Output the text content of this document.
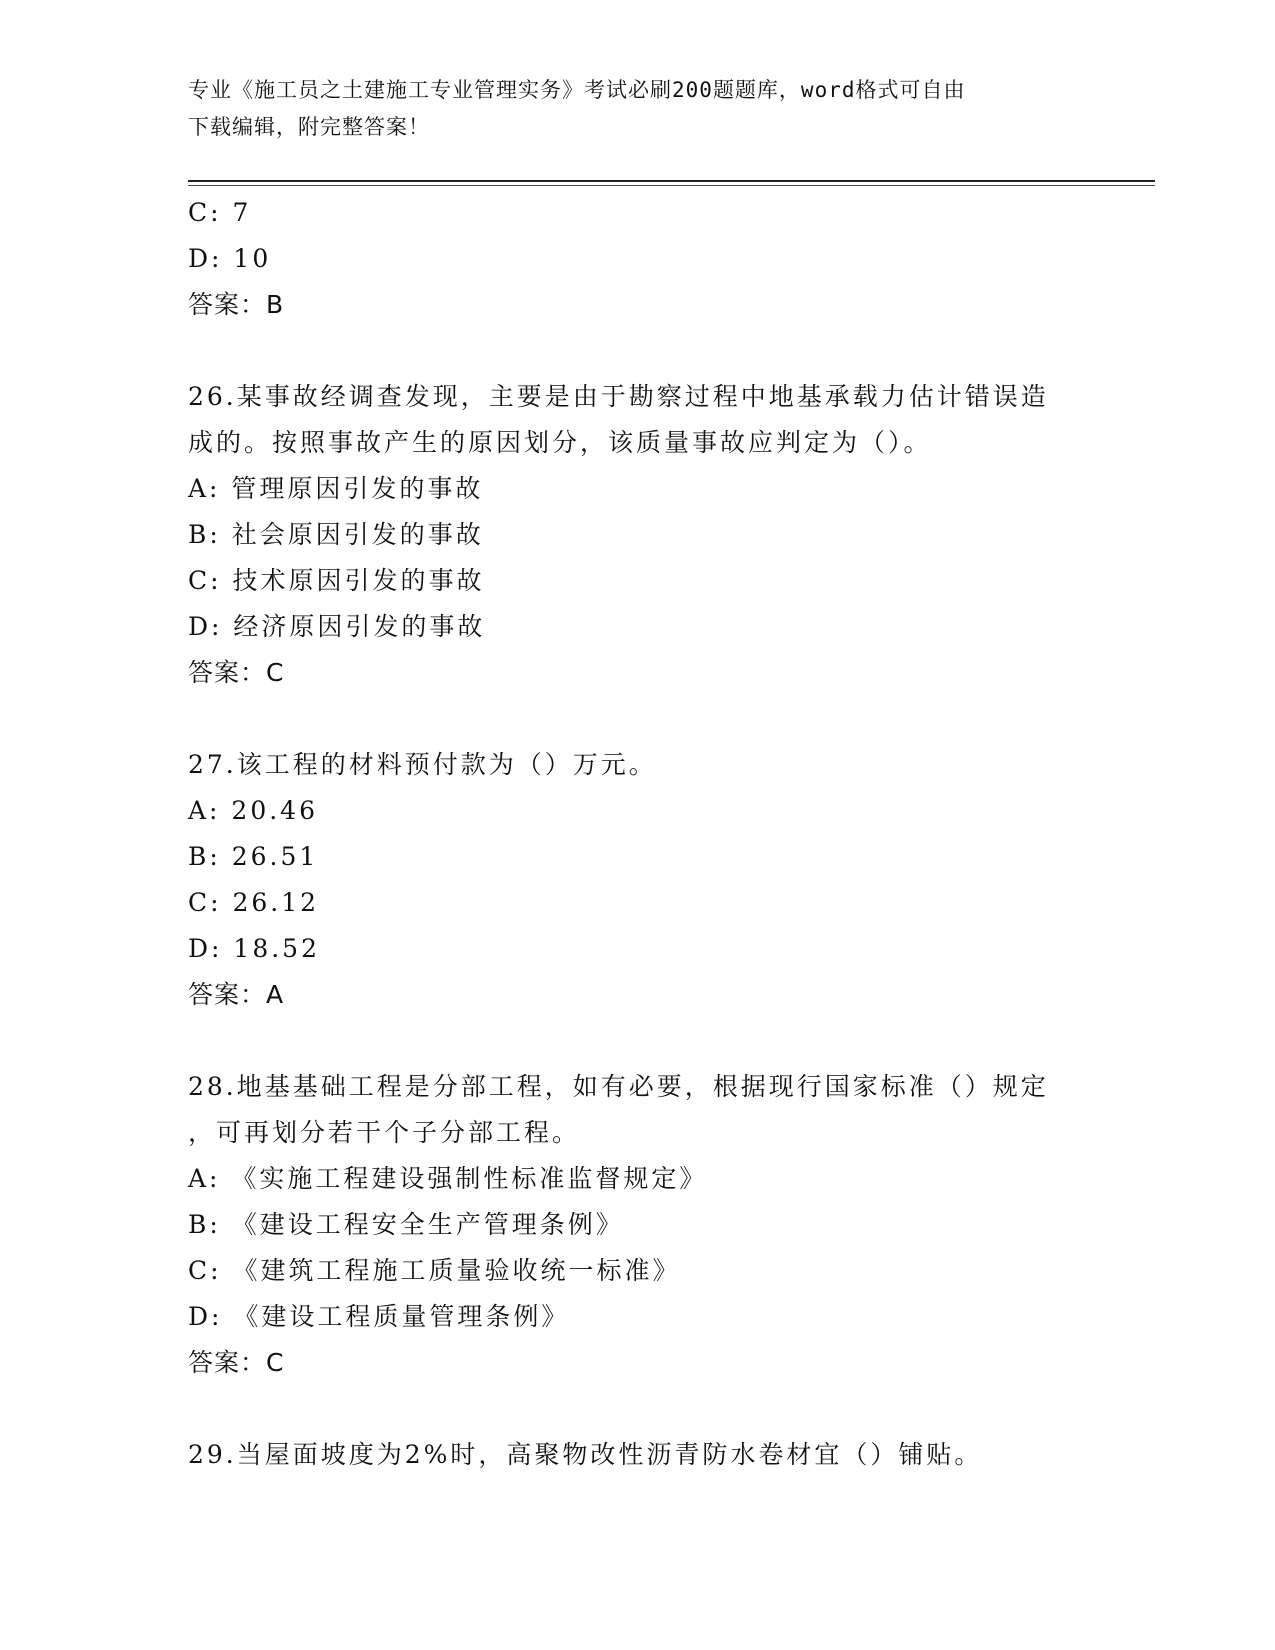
专业《施工员之土建施工专业管理实务》考试必刷200题题库，word格式可自由
下载编辑，附完整答案！
C: 7
D: 10
答案：B
26.某事故经调查发现，主要是由于勘察过程中地基承载力估计错误造
成的。按照事故产生的原因划分，该质量事故应判定为（）。
A: 管理原因引发的事故
B: 社会原因引发的事故
C: 技术原因引发的事故
D: 经济原因引发的事故
答案：C
27.该工程的材料预付款为（）万元。
A: 20.46
B: 26.51
C: 26.12
D: 18.52
答案：A
28.地基基础工程是分部工程，如有必要，根据现行国家标准（）规定
，可再划分若干个子分部工程。
A: 《实施工程建设强制性标准监督规定》
B: 《建设工程安全生产管理条例》
C: 《建筑工程施工质量验收统一标准》
D: 《建设工程质量管理条例》
答案：C
29.当屋面坡度为2%时，高聚物改性沥青防水卷材宜（）铺贴。
